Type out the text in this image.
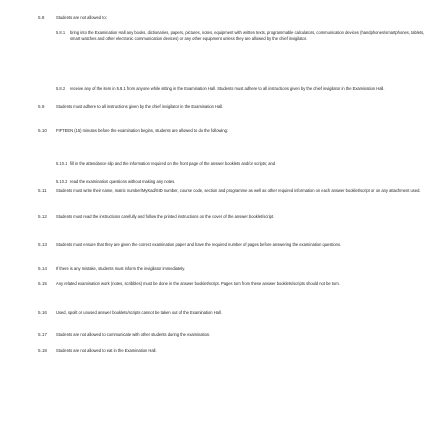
5.8	Students are not allowed to:
5.8.1 bring into the Examination Hall any books, dictionaries, papers, pictures, notes, equipment with written texts, programmable calculators, communication devices (handphones/smartphones, tablets, smart watches and other electronic communication devices) or any other equipment unless they are allowed by the chief invigilator.
5.8.2 receive any of the item in 5.8.1 from anyone while sitting in the Examination Hall. Students must adhere to all instructions given by the chief invigilator in the Examination Hall.
5.9	Students must adhere to all instructions given by the chief invigilator in the Examination Hall.
5.10 FIFTEEN (15) minutes before the examination begins, students are allowed to do the following:
5.10.1 fill in the attendance slip and the information required on the front page of the answer booklets and/or scripts; and
5.10.2 read the examination questions without making any notes.
5.11 Students must write their name, matric number/MyKad/SID number, course code, section and programme as well as other required information on each answer booklet/script or on any attachment used.
5.12 Students must read the instructions carefully and follow the printed instructions on the cover of the answer booklet/script.
5.13 Students must ensure that they are given the correct examination paper and have the required number of pages before answering the examination questions.
5.14 If there is any mistake, students must inform the invigilator immediately.
5.15 Any related examination work (notes, scribbles) must be done in the answer booklet/script. Pages torn from these answer booklets/scripts should not be torn.
5.16 Used, spoilt or unused answer booklets/scripts cannot be taken out of the Examination Hall.
5.17 Students are not allowed to communicate with other students during the examination.
5.18 Students are not allowed to eat in the Examination Hall.
